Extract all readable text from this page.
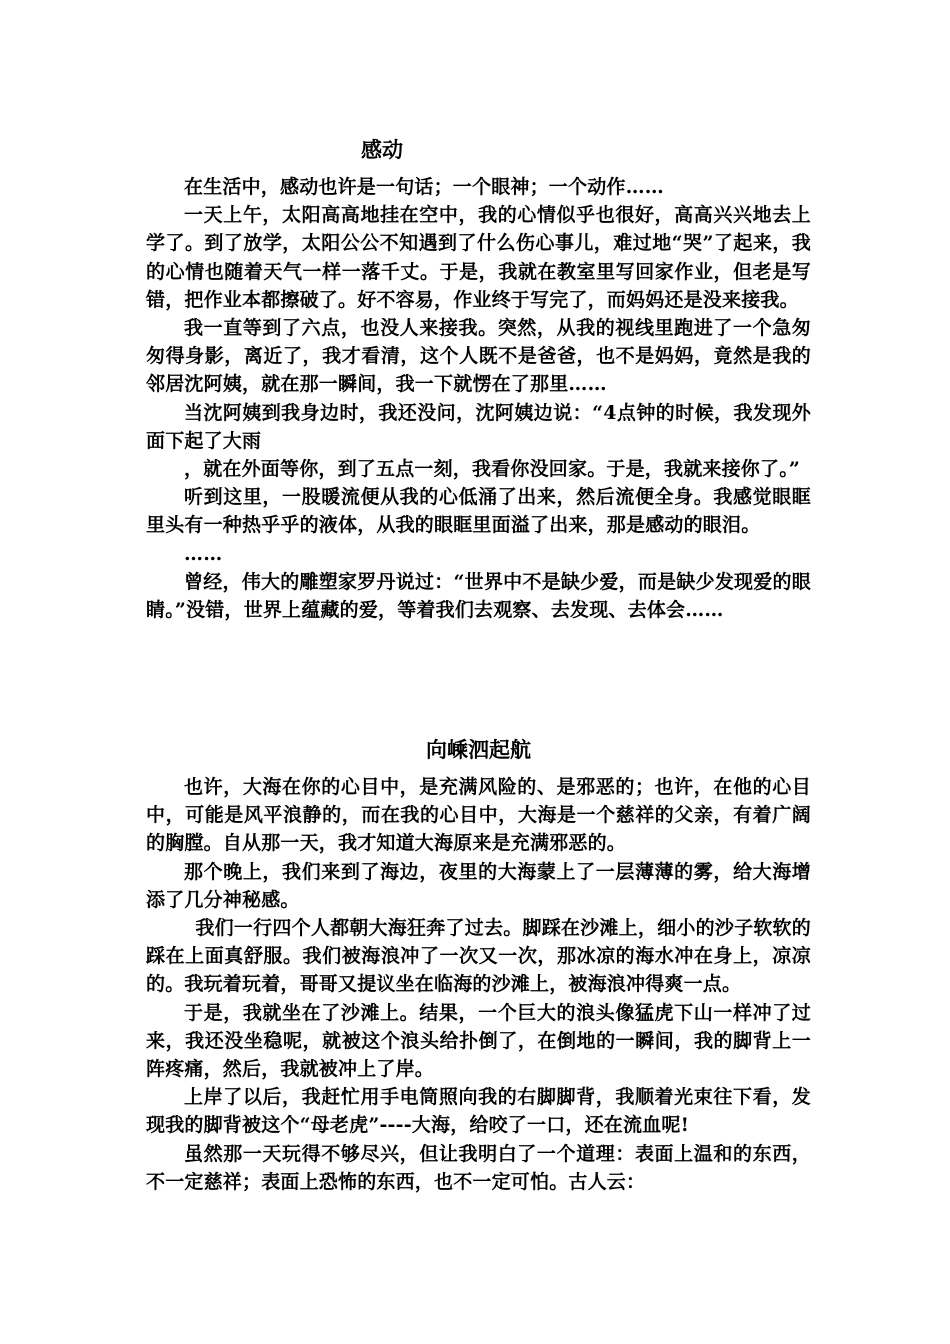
感动

在生活中，感动也许是一句话；一个眼神；一个动作……

一天上午，太阳高高地挂在空中，我的心情似乎也很好，高高兴兴地去上学了。到了放学，太阳公公不知遇到了什么伤心事儿，难过地“哭”了起来，我的心情也随着天气一样一落千丈。于是，我就在教室里写回家作业，但老是写错，把作业本都擦破了。好不容易，作业终于写完了，而妈妈还是没来接我。

我一直等到了六点，也没人来接我。突然，从我的视线里跑进了一个急匆匆得身影，离近了，我才看清，这个人既不是爸爸，也不是妈妈，竟然是我的邻居沈阿姨，就在那一瞬间，我一下就愣在了那里……

当沈阿姨到我身边时，我还没问，沈阿姨边说：“4点钟的时候，我发现外面下起了大雨

，就在外面等你，到了五点一刻，我看你没回家。于是，我就来接你了。”

听到这里，一股暖流便从我的心低涌了出来，然后流便全身。我感觉眼眶里头有一种热乎乎的液体，从我的眼眶里面溢了出来，那是感动的眼泪。

……

曾经，伟大的雕塑家罗丹说过：“世界中不是缺少爱，而是缺少发现爱的眼睛。”没错，世界上蕴藏的爱，等着我们去观察、去发现、去体会……

向嵊泗起航

也许，大海在你的心目中，是充满风险的、是邪恶的；也许，在他的心目中，可能是风平浪静的，而在我的心目中，大海是一个慈祥的父亲，有着广阔的胸膛。自从那一天，我才知道大海原来是充满邪恶的。

那个晚上，我们来到了海边，夜里的大海蒙上了一层薄薄的雾，给大海增添了几分神秘感。

我们一行四个人都朝大海狂奔了过去。脚踩在沙滩上，细小的沙子软软的踩在上面真舒服。我们被海浪冲了一次又一次，那冰凉的海水冲在身上，凉凉的。我玩着玩着，哥哥又提议坐在临海的沙滩上，被海浪冲得爽一点。

于是，我就坐在了沙滩上。结果，一个巨大的浪头像猛虎下山一样冲了过来，我还没坐稳呢，就被这个浪头给扑倒了，在倒地的一瞬间，我的脚背上一阵疼痛，然后，我就被冲上了岸。

上岸了以后，我赶忙用手电筒照向我的右脚脚背，我顺着光束往下看，发现我的脚背被这个“母老虎”----大海，给咬了一口，还在流血呢!

虽然那一天玩得不够尽兴，但让我明白了一个道理：表面上温和的东西，不一定慈祥；表面上恐怖的东西，也不一定可怕。古人云：
